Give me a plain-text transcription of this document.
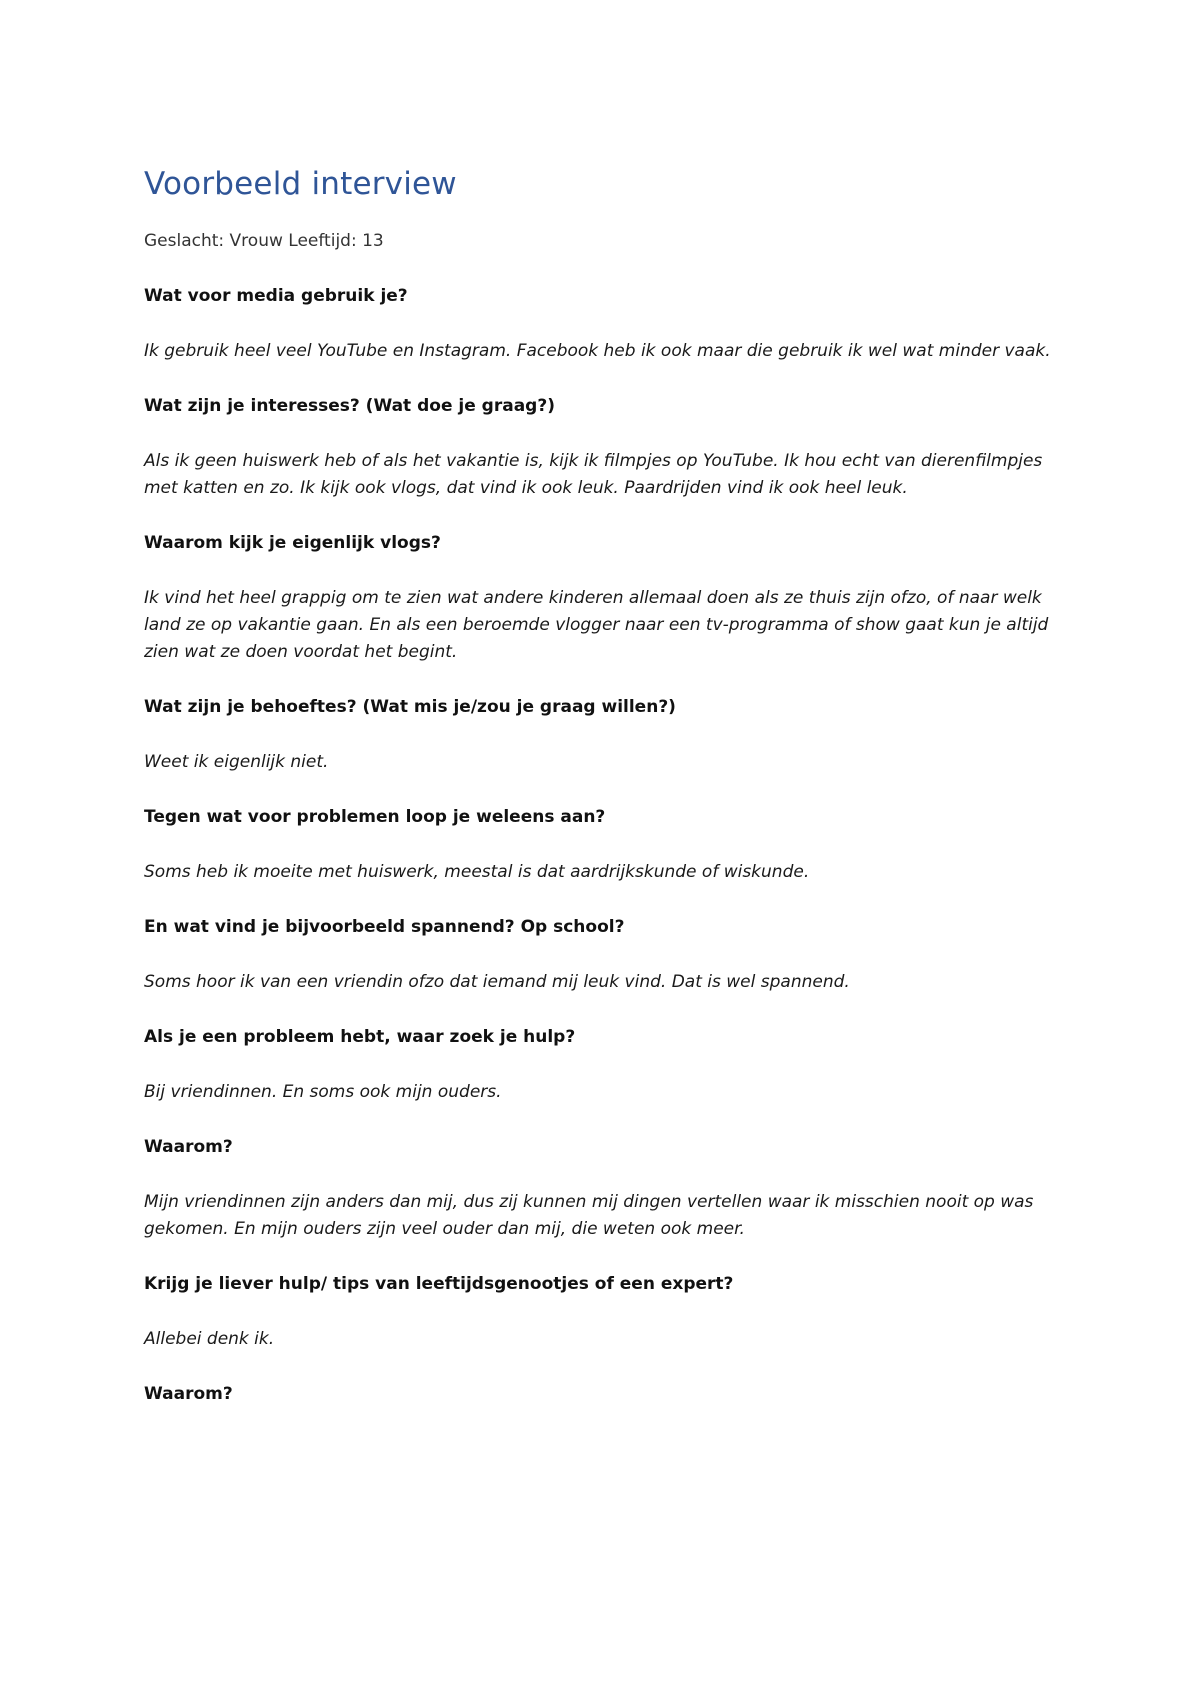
Voorbeeld interview

Geslacht: Vrouw Leeftijd: 13

Wat voor media gebruik je?

Ik gebruik heel veel YouTube en Instagram. Facebook heb ik ook maar die gebruik ik wel wat minder vaak.

Wat zijn je interesses? (Wat doe je graag?)

Als ik geen huiswerk heb of als het vakantie is, kijk ik filmpjes op YouTube. Ik hou echt van dierenfilmpjes met katten en zo. Ik kijk ook vlogs, dat vind ik ook leuk. Paardrijden vind ik ook heel leuk.

Waarom kijk je eigenlijk vlogs?

Ik vind het heel grappig om te zien wat andere kinderen allemaal doen als ze thuis zijn ofzo, of naar welk land ze op vakantie gaan. En als een beroemde vlogger naar een tv-programma of show gaat kun je altijd zien wat ze doen voordat het begint.

Wat zijn je behoeftes? (Wat mis je/zou je graag willen?)

Weet ik eigenlijk niet.

Tegen wat voor problemen loop je weleens aan?

Soms heb ik moeite met huiswerk, meestal is dat aardrijkskunde of wiskunde.

En wat vind je bijvoorbeeld spannend? Op school?

Soms hoor ik van een vriendin ofzo dat iemand mij leuk vind. Dat is wel spannend.

Als je een probleem hebt, waar zoek je hulp?

Bij vriendinnen. En soms ook mijn ouders.

Waarom?

Mijn vriendinnen zijn anders dan mij, dus zij kunnen mij dingen vertellen waar ik misschien nooit op was gekomen. En mijn ouders zijn veel ouder dan mij, die weten ook meer.

Krijg je liever hulp/ tips van leeftijdsgenootjes of een expert?

Allebei denk ik.

Waarom?
